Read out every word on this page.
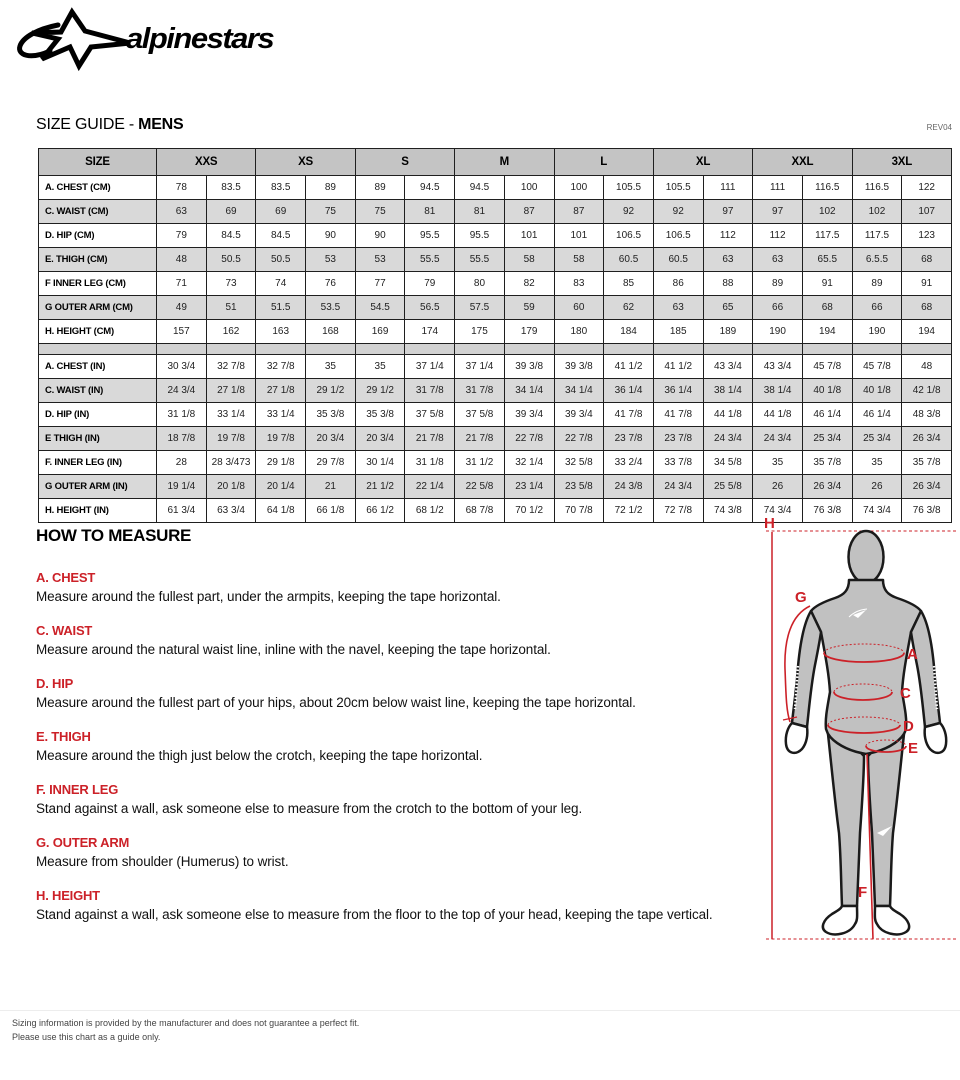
alpinestars
SIZE GUIDE - MENS	REV04
SIZE	XXS		XS		S		M		L		XL		XXL		3XL	
A. CHEST (CM)	78	83.5	83.5	89	89	94.5	94.5	100	100	105.5	105.5	111	111	116.5	116.5	122
C. WAIST (CM)	63	69	69	75	75	81	81	87	87	92	92	97	97	102	102	107
D. HIP (CM)	79	84.5	84.5	90	90	95.5	95.5	101	101	106.5	106.5	112	112	117.5	117.5	123
E. THIGH (CM)	48	50.5	50.5	53	53	55.5	55.5	58	58	60.5	60.5	63	63	65.5	6.5.5	68
F INNER LEG (CM)	71	73	74	76	77	79	80	82	83	85	86	88	89	91	89	91
G OUTER ARM (CM)	49	51	51.5	53.5	54.5	56.5	57.5	59	60	62	63	65	66	68	66	68
H. HEIGHT (CM)	157	162	163	168	169	174	175	179	180	184	185	189	190	194	190	194

A. CHEST (IN)	30 3/4	32 7/8	32 7/8	35	35	37 1/4	37 1/4	39 3/8	39 3/8	41 1/2	41 1/2	43 3/4	43 3/4	45 7/8	45 7/8	48
C. WAIST (IN)	24 3/4	27 1/8	27 1/8	29 1/2	29 1/2	31 7/8	31 7/8	34 1/4	34 1/4	36 1/4	36 1/4	38 1/4	38 1/4	40 1/8	40 1/8	42 1/8
D. HIP (IN)	31 1/8	33 1/4	33 1/4	35 3/8	35 3/8	37 5/8	37 5/8	39 3/4	39 3/4	41 7/8	41 7/8	44 1/8	44 1/8	46 1/4	46 1/4	48 3/8
E THIGH (IN)	18 7/8	19 7/8	19 7/8	20 3/4	20 3/4	21 7/8	21 7/8	22 7/8	22 7/8	23 7/8	23 7/8	24 3/4	24 3/4	25 3/4	25 3/4	26 3/4
F. INNER LEG (IN)	28	28 3/473	29 1/8	29 7/8	30 1/4	31 1/8	31 1/2	32 1/4	32 5/8	33 2/4	33 7/8	34 5/8	35	35 7/8	35	35 7/8
G OUTER ARM (IN)	19 1/4	20 1/8	20 1/4	21	21 1/2	22 1/4	22 5/8	23 1/4	23 5/8	24 3/8	24 3/4	25 5/8	26	26 3/4	26	26 3/4
H. HEIGHT (IN)	61 3/4	63 3/4	64 1/8	66 1/8	66 1/2	68 1/2	68 7/8	70 1/2	70 7/8	72 1/2	72 7/8	74 3/8	74 3/4	76 3/8	74 3/4	76 3/8
HOW TO MEASURE
A. CHEST
Measure around the fullest part, under the armpits, keeping the tape horizontal.
C. WAIST
Measure around the natural waist line, inline with the navel, keeping the tape horizontal.
D. HIP
Measure around the fullest part of your hips, about 20cm below waist line, keeping the tape horizontal.
E. THIGH
Measure around the thigh just below the crotch, keeping the tape horizontal.
F. INNER LEG
Stand against a wall, ask someone else to measure from the crotch to the bottom of your leg.
G. OUTER ARM
Measure from shoulder (Humerus) to wrist.
H. HEIGHT
Stand against a wall, ask someone else to measure from the floor to the top of your head, keeping the tape vertical.
H
G
A
C
D
E
F
Sizing information is provided by the manufacturer and does not guarantee a perfect fit.
Please use this chart as a guide only.
